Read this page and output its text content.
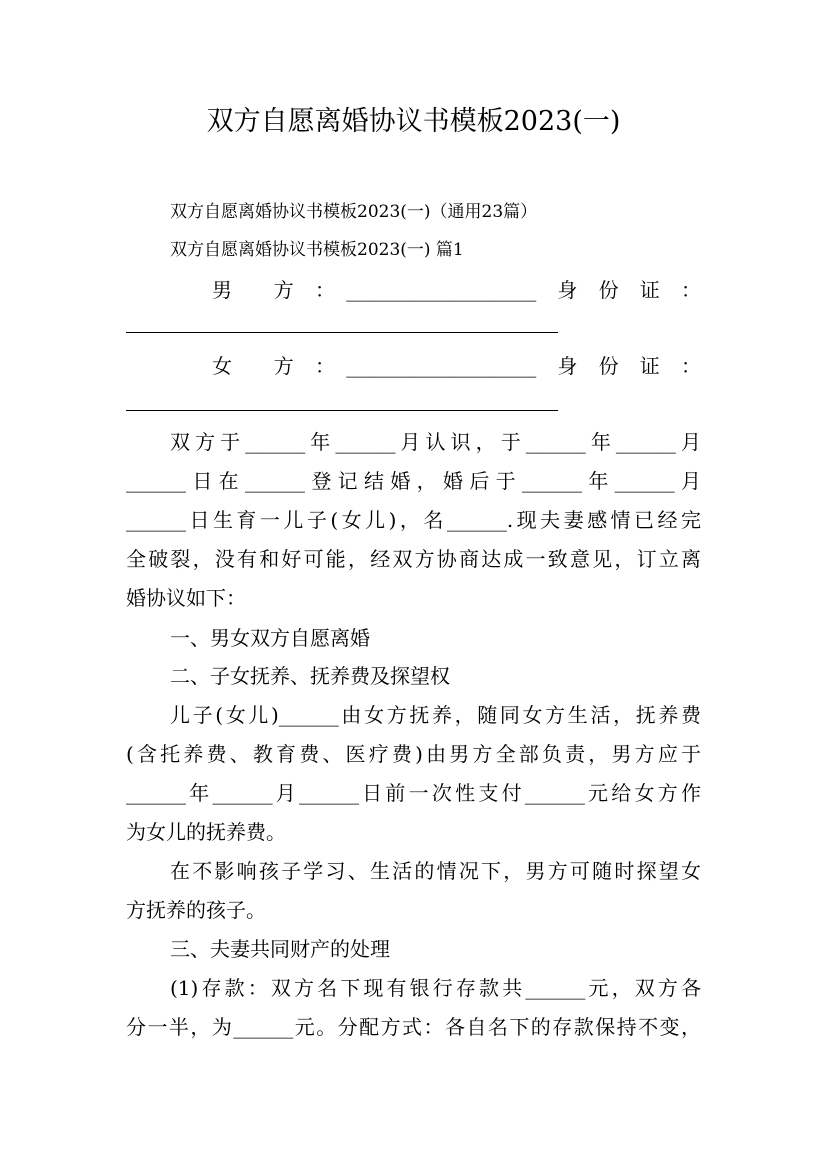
双方自愿离婚协议书模板2023(一)
双方自愿离婚协议书模板2023(一)（通用23篇）
双方自愿离婚协议书模板2023(一) 篇1
男　　方　：　___________________　身　份　证　：
女　　方　：　___________________　身　份　证　：
双方于______年______月认识，于______年______月
______日在______登记结婚，婚后于______年______月
______日生育一儿子(女儿)，名______.现夫妻感情已经完
全破裂，没有和好可能，经双方协商达成一致意见，订立离
婚协议如下：
一、男女双方自愿离婚
二、子女抚养、抚养费及探望权
儿子(女儿)______由女方抚养，随同女方生活，抚养费
(含托养费、教育费、医疗费)由男方全部负责，男方应于
______年______月______日前一次性支付______元给女方作
为女儿的抚养费。
在不影响孩子学习、生活的情况下，男方可随时探望女
方抚养的孩子。
三、夫妻共同财产的处理
(1)存款：双方名下现有银行存款共______元，双方各
分一半，为______元。分配方式：各自名下的存款保持不变，
